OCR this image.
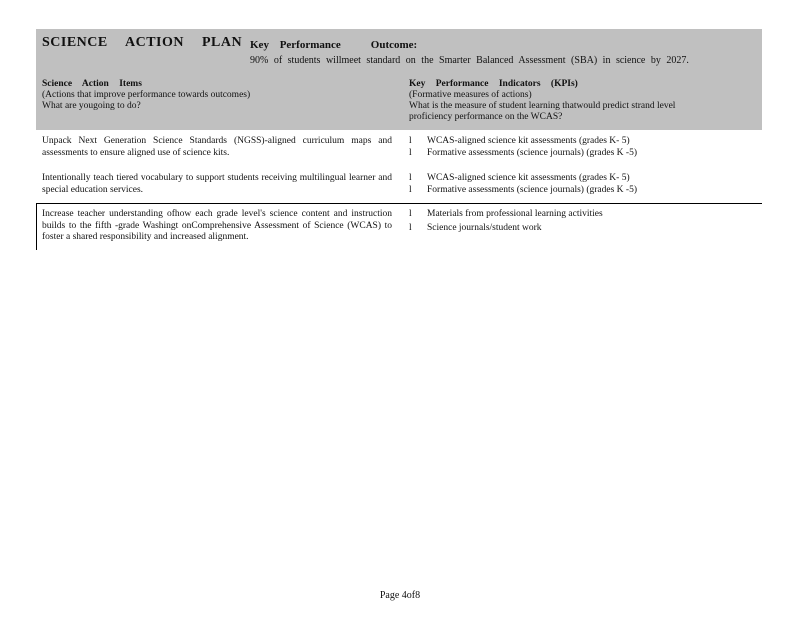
SCIENCE ACTION PLAN Key Performance	Outcome:
90% of students willmeet standard on the Smarter Balanced Assessment (SBA) in science by 2027.
Science Action Items
(Actions that improve performance towards outcomes)
What are yougoing to do?
Key Performance Indicators (KPIs)
(Formative measures of actions)
What is the measure of student learning thatwould predict strand level
proficiency performance on the WCAS?
Unpack Next Generation Science Standards (NGSS)-aligned curriculum maps and assessments to ensure aligned use of science kits.
l	WCAS-aligned science kit assessments (grades K- 5)
l	Formative assessments (science journals) (grades K -5)
Intentionally teach tiered vocabulary to support students receiving multilingual learner and special education services.
l	WCAS-aligned science kit assessments (grades K- 5)
l	Formative assessments (science journals) (grades K -5)
Increase teacher understanding ofhow each grade level's science content and instruction builds to the fifth -grade Washingt onComprehensive Assessment of Science (WCAS) to foster a shared responsibility and increased alignment.
l	Materials from professional learning activities
l	Science journals/student work
Page 4of8
